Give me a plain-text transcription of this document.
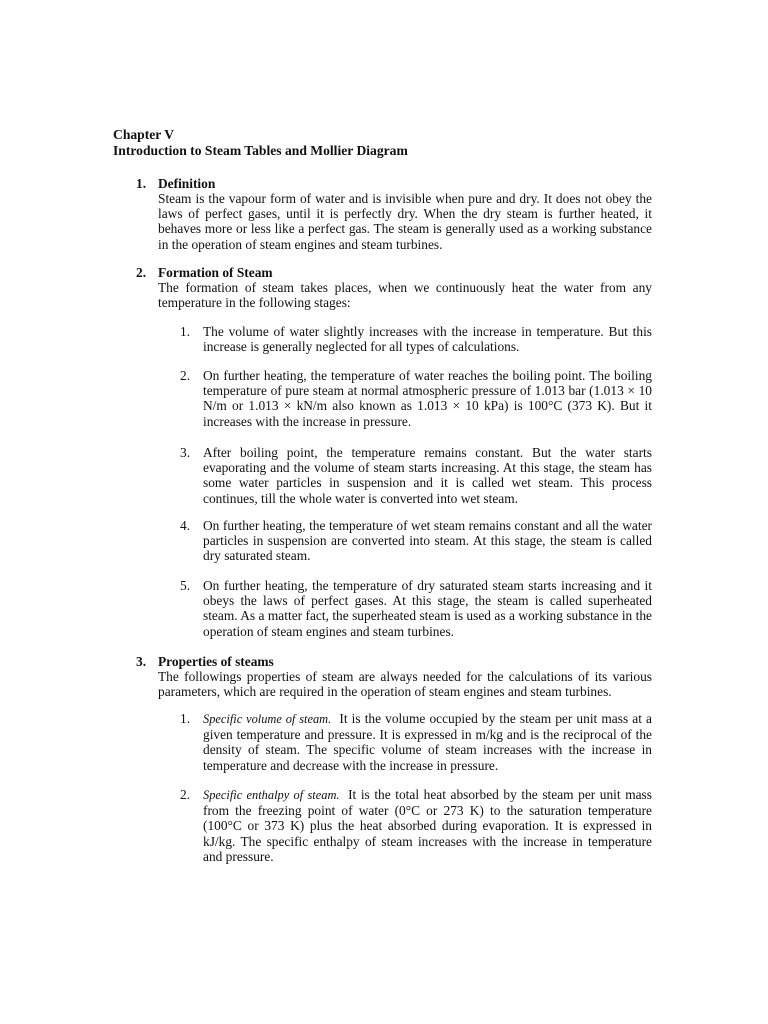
Chapter V
Introduction to Steam Tables and Mollier Diagram
1. Definition
Steam is the vapour form of water and is invisible when pure and dry. It does not obey the laws of perfect gases, until it is perfectly dry. When the dry steam is further heated, it behaves more or less like a perfect gas. The steam is generally used as a working substance in the operation of steam engines and steam turbines.
2. Formation of Steam
The formation of steam takes places, when we continuously heat the water from any temperature in the following stages:
1. The volume of water slightly increases with the increase in temperature. But this increase is generally neglected for all types of calculations.
2. On further heating, the temperature of water reaches the boiling point. The boiling temperature of pure steam at normal atmospheric pressure of 1.013 bar (1.013 × 10 N/m or 1.013 × kN/m also known as 1.013 × 10 kPa) is 100°C (373 K). But it increases with the increase in pressure.
3. After boiling point, the temperature remains constant. But the water starts evaporating and the volume of steam starts increasing. At this stage, the steam has some water particles in suspension and it is called wet steam. This process continues, till the whole water is converted into wet steam.
4. On further heating, the temperature of wet steam remains constant and all the water particles in suspension are converted into steam. At this stage, the steam is called dry saturated steam.
5. On further heating, the temperature of dry saturated steam starts increasing and it obeys the laws of perfect gases. At this stage, the steam is called superheated steam. As a matter fact, the superheated steam is used as a working substance in the operation of steam engines and steam turbines.
3. Properties of steams
The followings properties of steam are always needed for the calculations of its various parameters, which are required in the operation of steam engines and steam turbines.
1.	Specific volume of steam. It is the volume occupied by the steam per unit mass at a given temperature and pressure. It is expressed in m/kg and is the reciprocal of the density of steam. The specific volume of steam increases with the increase in temperature and decrease with the increase in pressure.
2.	Specific enthalpy of steam. It is the total heat absorbed by the steam per unit mass from the freezing point of water (0°C or 273 K) to the saturation temperature (100°C or 373 K) plus the heat absorbed during evaporation. It is expressed in kJ/kg. The specific enthalpy of steam increases with the increase in temperature and pressure.
